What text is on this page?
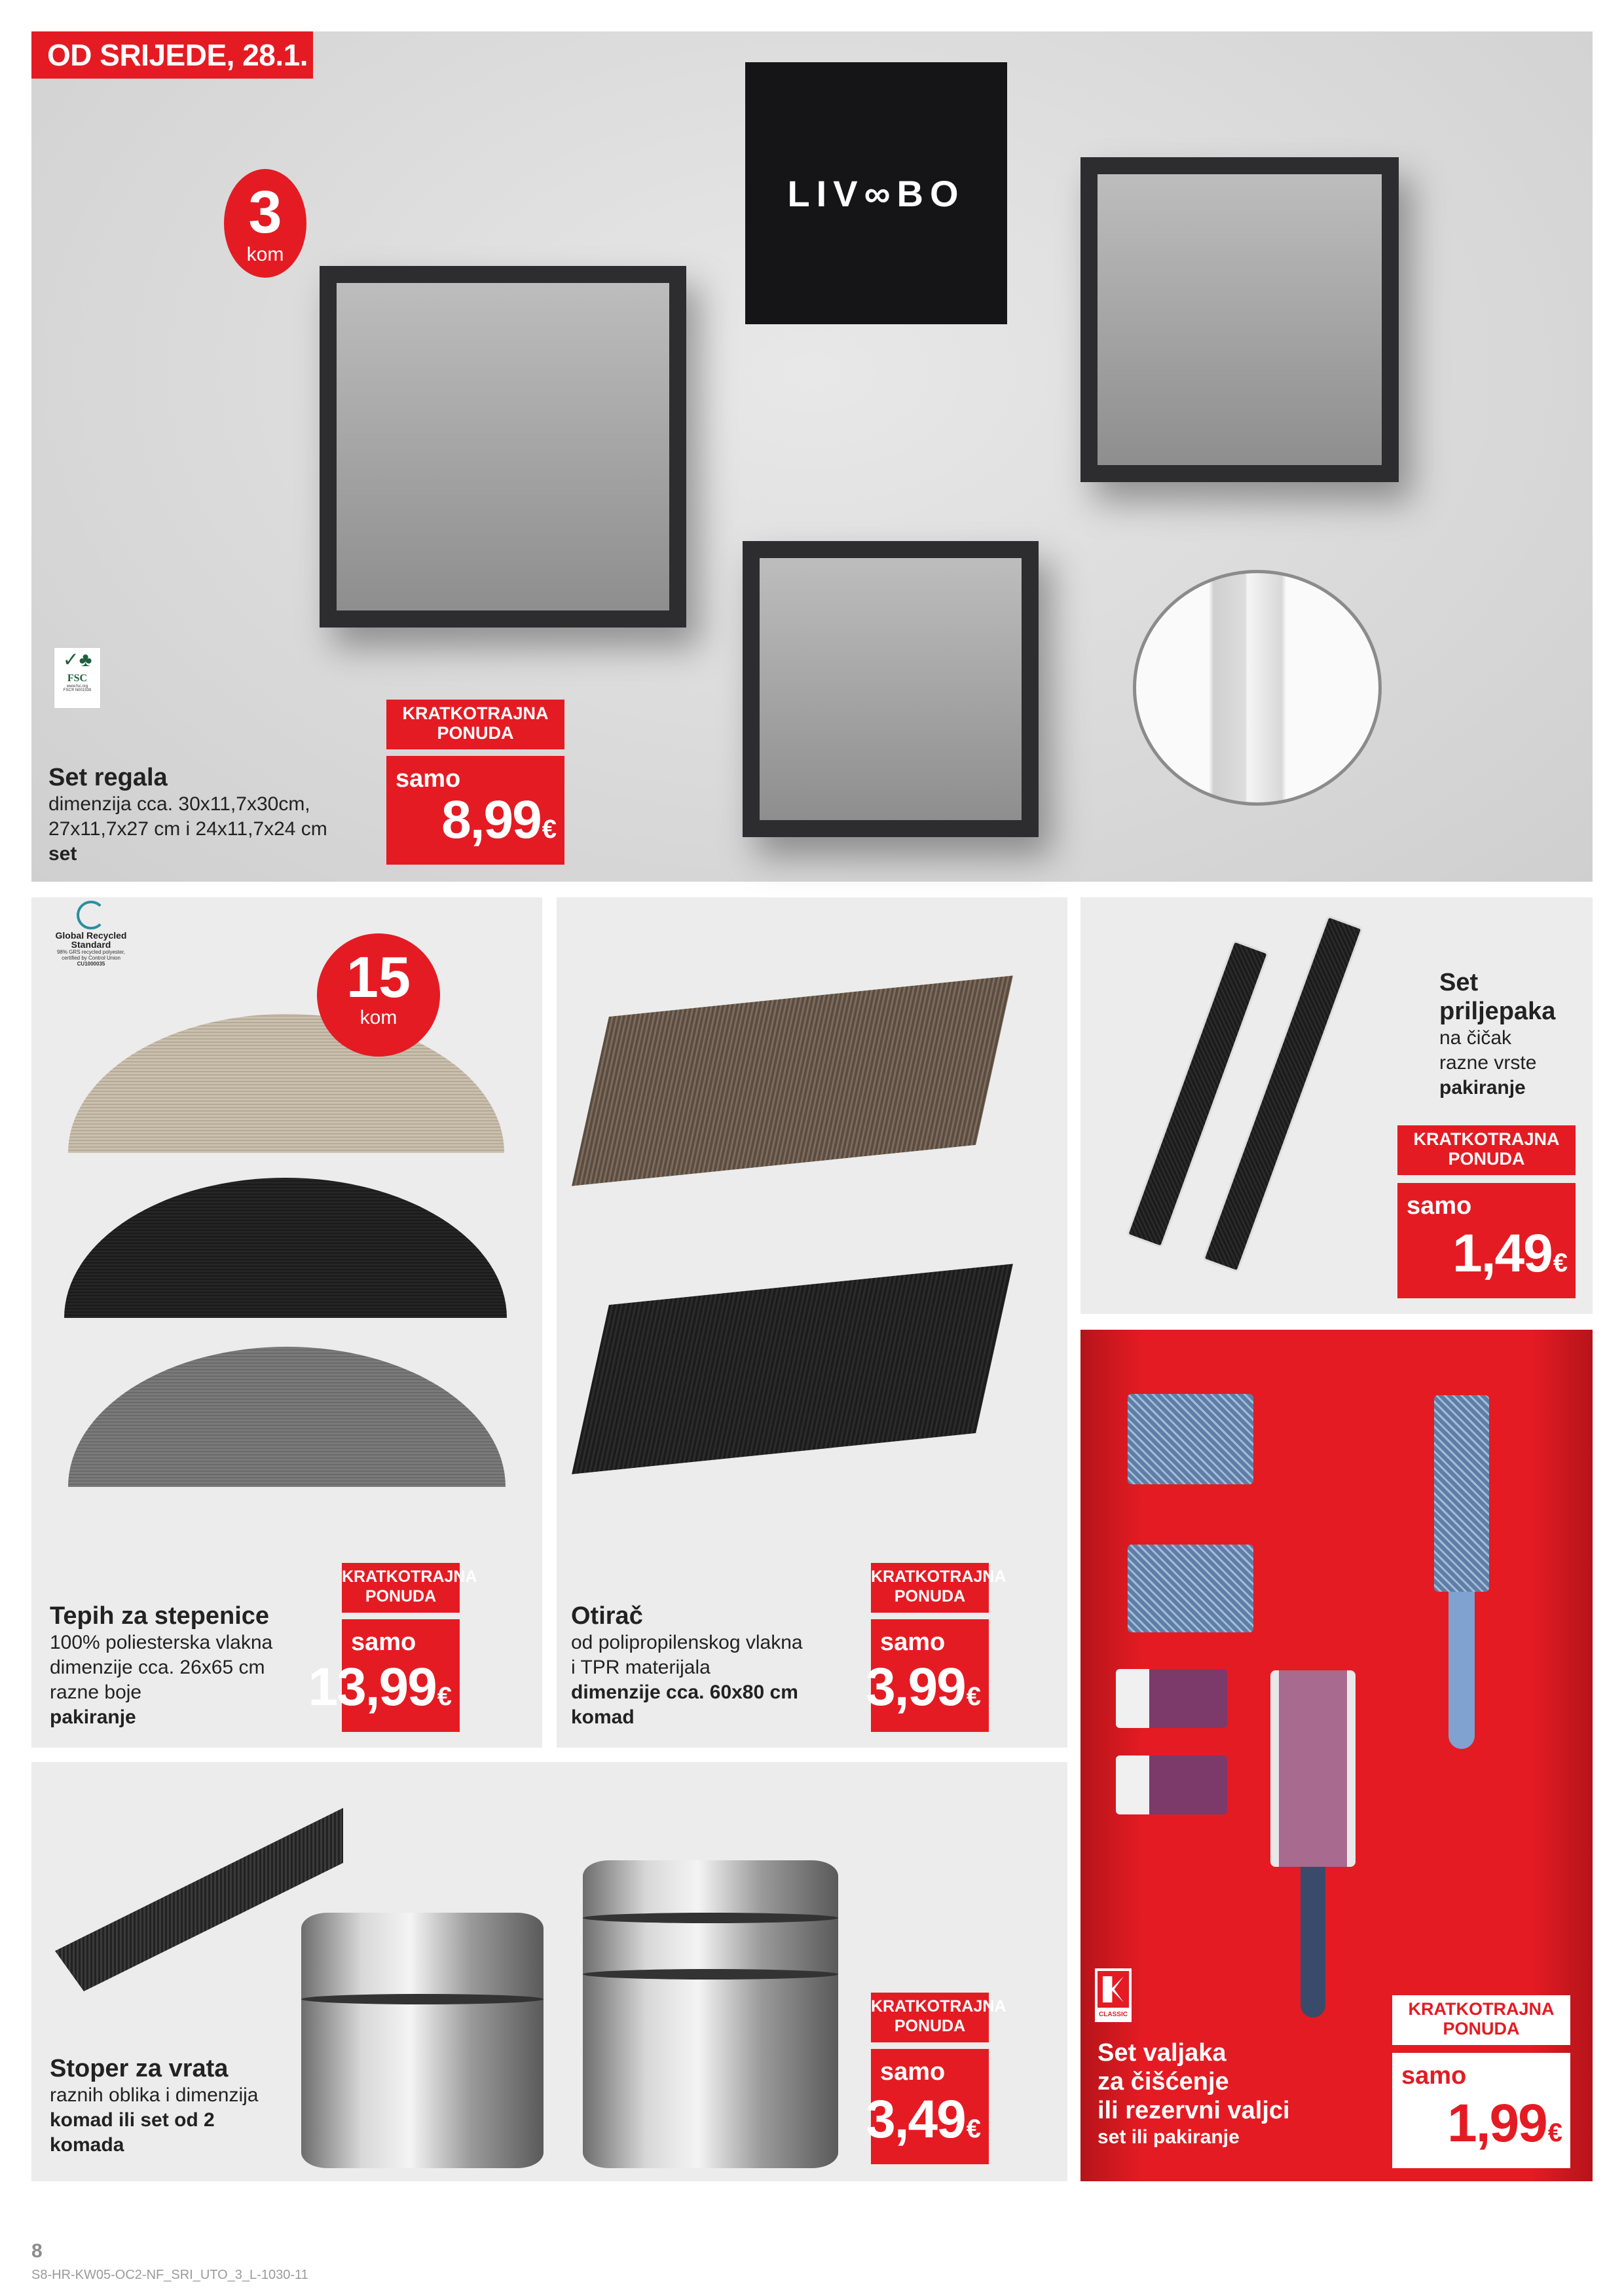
OD SRIJEDE, 28.1.
3
kom
LIV∞BO
✓♣
FSC
www.fsc.org
FSC® N001539
Set regala
dimenzija cca. 30x11,7x30cm,
27x11,7x27 cm i 24x11,7x24 cm
set
KRATKOTRAJNA
PONUDA
samo
8,99€
Global Recycled
Standard
98% GRS recycled polyester,
certified by Control Union
CU1000035	15
kom
Tepih za stepenice
100% poliesterska vlakna
dimenzije cca. 26x65 cm
razne boje
pakiranje
KRATKOTRAJNA
PONUDA
samo
13,99€
Otirač
od polipropilenskog vlakna
i TPR materijala
dimenzije cca. 60x80 cm
komad
KRATKOTRAJNA
PONUDA
samo
3,99€
Set
priljepaka
na čičak
razne vrste
pakiranje
KRATKOTRAJNA
PONUDA
samo
1,49€
CLASSIC
Set valjaka
za čišćenje
ili rezervni valjci
set ili pakiranje
KRATKOTRAJNA
PONUDA
samo
1,99€
Stoper za vrata
raznih oblika i dimenzija
komad ili set od 2
komada
KRATKOTRAJNA
PONUDA
samo
3,49€
8
S8-HR-KW05-OC2-NF_SRI_UTO_3_L-1030-11
